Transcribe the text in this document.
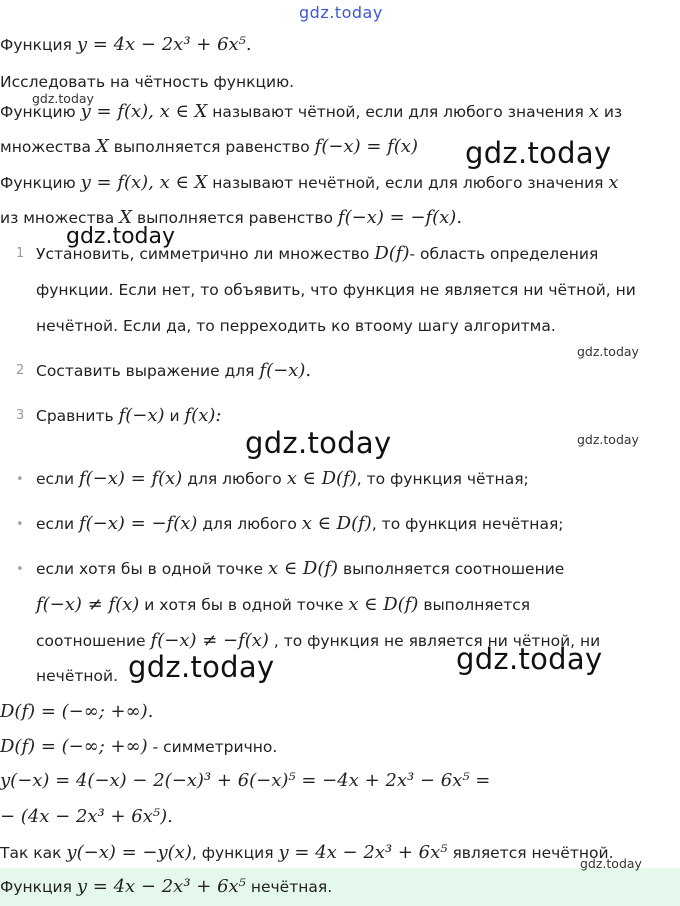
gdz.today
Функция y = 4x − 2x³ + 6x⁵.
Исследовать на чётность функцию.
Функцию y = f(x), x ∈ X называют чётной, если для любого значения x из
множества X выполняется равенство f(−x) = f(x)
Функцию y = f(x), x ∈ X называют нечётной, если для любого значения x
из множества X выполняется равенство f(−x) = −f(x).
1 Установить, симметрично ли множество D(f)- область определения
функции. Если нет, то объявить, что функция не является ни чётной, ни
нечётной. Если да, то перреходить ко втоому шагу алгоритма.
2 Составить выражение для f(−x).
3 Сравнить f(−x) и f(x):
• если f(−x) = f(x) для любого x ∈ D(f), то функция чётная;
• если f(−x) = −f(x) для любого x ∈ D(f), то функция нечётная;
• если хотя бы в одной точке x ∈ D(f) выполняется соотношение
f(−x) ≠ f(x) и хотя бы в одной точке x ∈ D(f) выполняется
соотношение f(−x) ≠ −f(x) , то функция не является ни чётной, ни
нечётной.
D(f) = (−∞; +∞).
D(f) = (−∞; +∞) - симметрично.
y(−x) = 4(−x) − 2(−x)³ + 6(−x)⁵ = −4x + 2x³ − 6x⁵ =
− (4x − 2x³ + 6x⁵).
Так как y(−x) = −y(x), функция y = 4x − 2x³ + 6x⁵ является нечётной.
Функция y = 4x − 2x³ + 6x⁵ нечётная.
gdz.today
gdz.today
gdz.today
gdz.today
gdz.today	gdz.today
gdz.today	gdz.today
gdz.today
